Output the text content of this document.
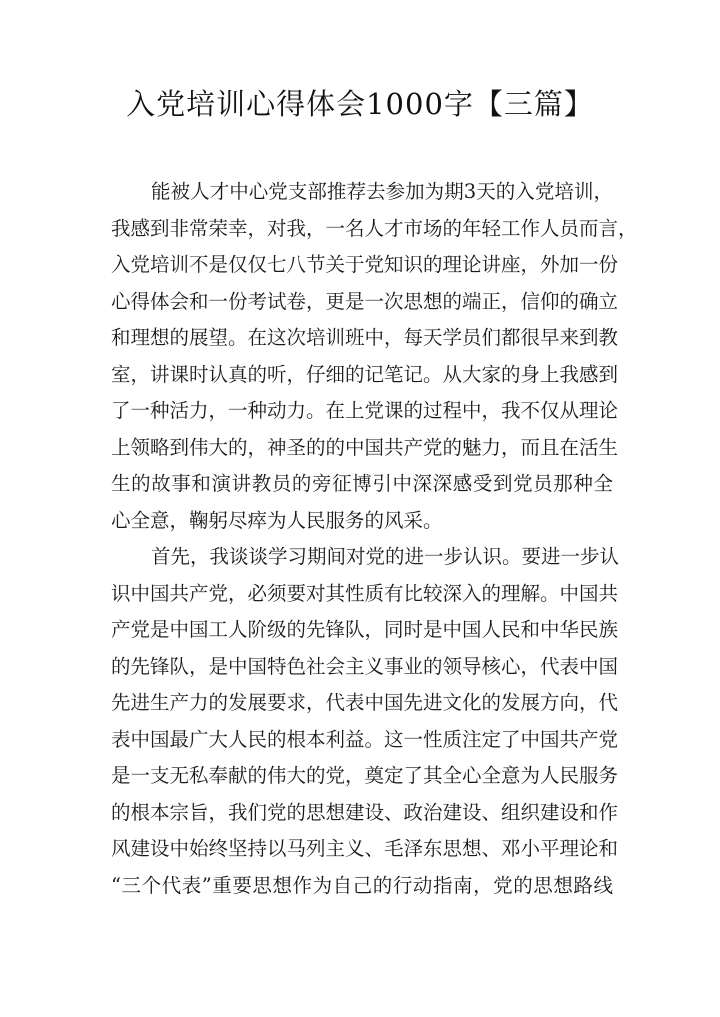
入党培训心得体会1000字【三篇】
能被人才中心党支部推荐去参加为期3天的入党培训，
我感到非常荣幸，对我，一名人才市场的年轻工作人员而言，
入党培训不是仅仅七八节关于党知识的理论讲座，外加一份
心得体会和一份考试卷，更是一次思想的端正，信仰的确立
和理想的展望。在这次培训班中，每天学员们都很早来到教
室，讲课时认真的听，仔细的记笔记。从大家的身上我感到
了一种活力，一种动力。在上党课的过程中，我不仅从理论
上领略到伟大的，神圣的的中国共产党的魅力，而且在活生
生的故事和演讲教员的旁征博引中深深感受到党员那种全
心全意，鞠躬尽瘁为人民服务的风采。
首先，我谈谈学习期间对党的进一步认识。要进一步认
识中国共产党，必须要对其性质有比较深入的理解。中国共
产党是中国工人阶级的先锋队，同时是中国人民和中华民族
的先锋队，是中国特色社会主义事业的领导核心，代表中国
先进生产力的发展要求，代表中国先进文化的发展方向，代
表中国最广大人民的根本利益。这一性质注定了中国共产党
是一支无私奉献的伟大的党，奠定了其全心全意为人民服务
的根本宗旨，我们党的思想建设、政治建设、组织建设和作
风建设中始终坚持以马列主义、毛泽东思想、邓小平理论和
“三个代表”重要思想作为自己的行动指南，党的思想路线
